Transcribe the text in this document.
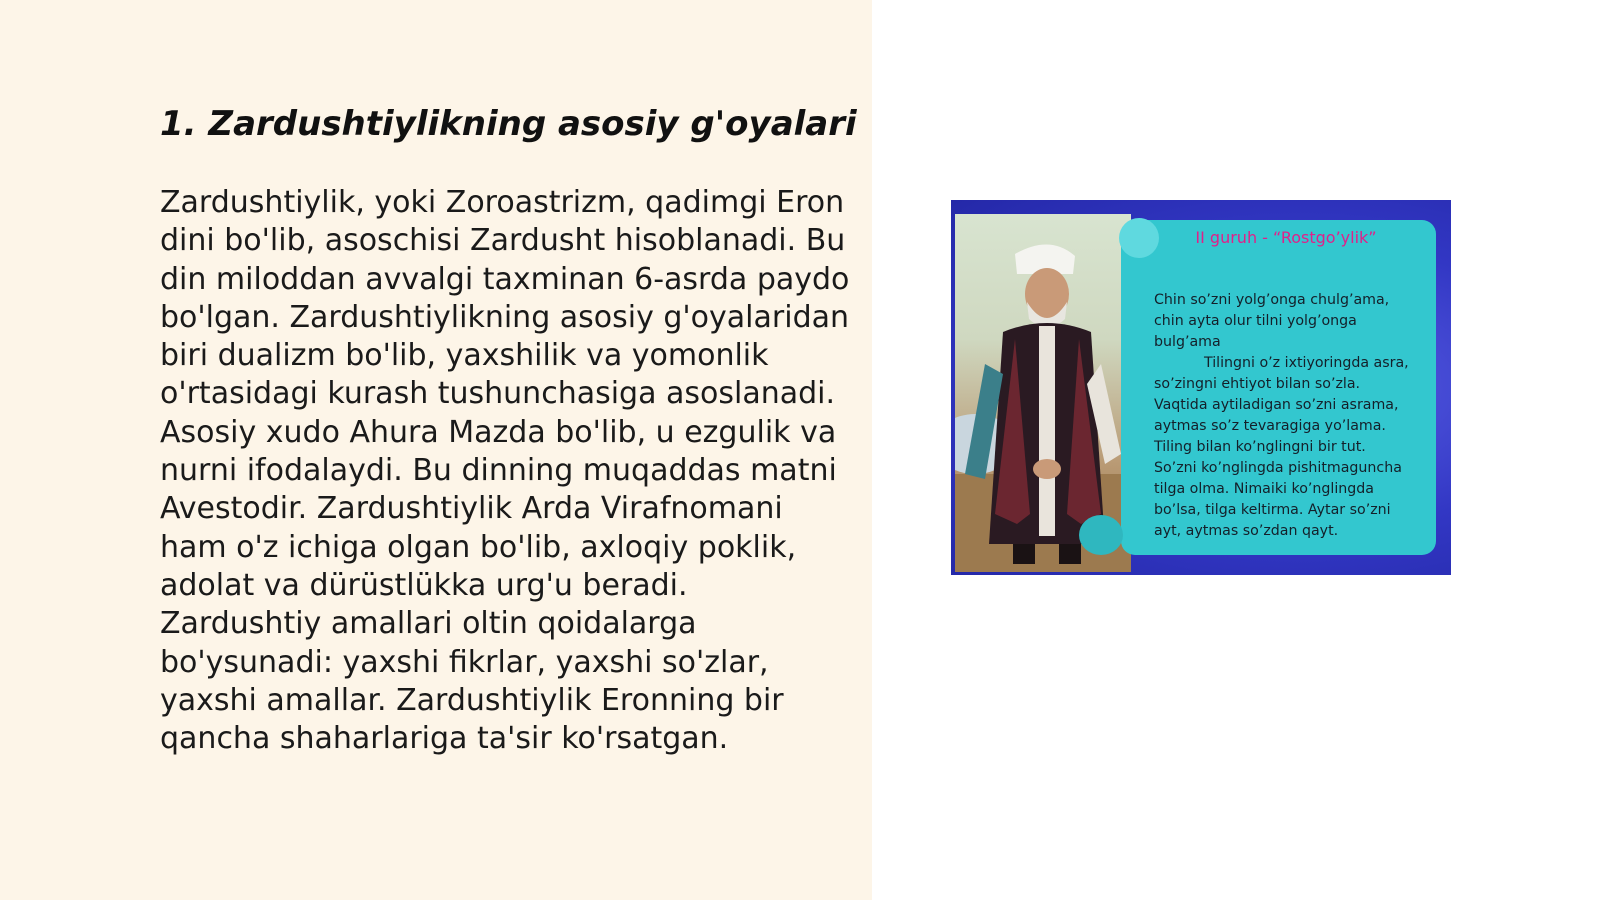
1. Zardushtiylikning asosiy g'oyalari
Zardushtiylik, yoki Zoroastrizm, qadimgi Eron dini bo'lib, asoschisi Zardusht hisoblanadi. Bu din miloddan avvalgi taxminan 6-asrda paydo bo'lgan. Zardushtiylikning asosiy g'oyalaridan biri dualizm bo'lib, yaxshilik va yomonlik o'rtasidagi kurash tushunchasiga asoslanadi. Asosiy xudo Ahura Mazda bo'lib, u ezgulik va nurni ifodalaydi. Bu dinning muqaddas matni Avestodir. Zardushtiylik Arda Virafnomani ham o'z ichiga olgan bo'lib, axloqiy poklik, adolat va dürüstlükka urg'u beradi. Zardushtiy amallari oltin qoidalarga bo'ysunadi: yaxshi fikrlar, yaxshi so'zlar, yaxshi amallar. Zardushtiylik Eronning bir qancha shaharlariga ta'sir ko'rsatgan.
II guruh - “Rostgo’ylik”
Chin so’zni yolg’onga chulg’ama,
chin ayta olur tilni yolg’onga
bulg’ama
Tilingni o’z ixtiyoringda asra,
so’zingni ehtiyot bilan so’zla.
Vaqtida aytiladigan so’zni asrama,
aytmas so’z tevaragiga yo’lama.
Tiling bilan ko’nglingni bir tut.
So’zni ko’nglingda pishitmaguncha
tilga olma. Nimaiki ko’nglingda
bo’lsa, tilga keltirma. Aytar so’zni
ayt, aytmas so’zdan qayt.
